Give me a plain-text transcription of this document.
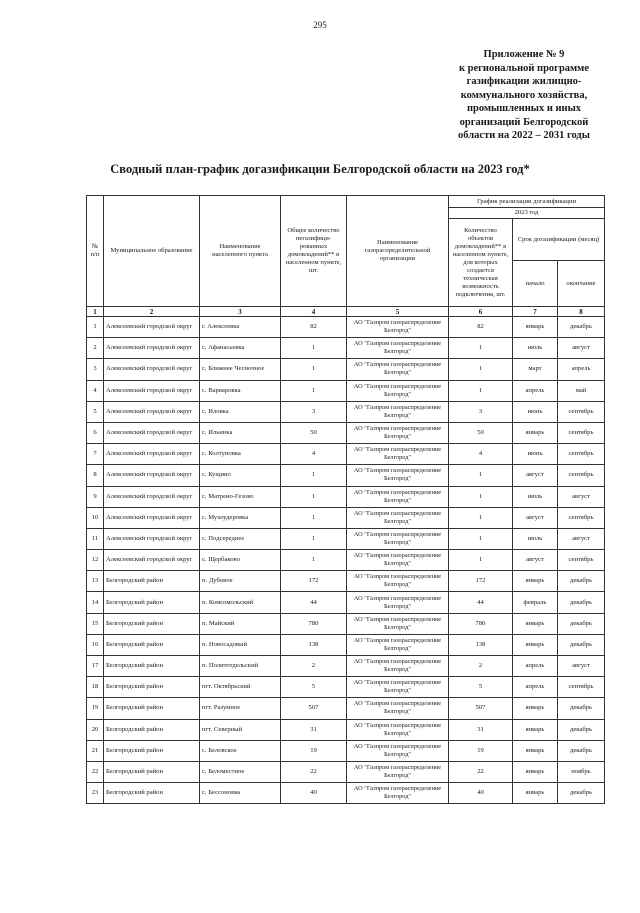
295
Приложение № 9
к региональной программе
газификации жилищно-
коммунального хозяйства,
промышленных и иных
организаций Белгородской
области на 2022 – 2031 годы
Сводный план-график догазификации Белгородской области на 2023 год*
№ п/п	Муниципальное образование	Наименование населенного пункта	Общее количество негазифици-рованных домовладений** в населенном пункте, шт.	Наименование газораспределительной организации	График реализации догазификации		
					2023 год		
					Количество объектов домовладений** в населенном пункте, для которых создается техническая возможность подключения, шт.	Срок догазификации (месяц)	
						начало	окончание
1	2	3	4	5	6	7	8
1	Алексеевский городской округ	г. Алексеевка	82	АО "Газпром газораспределение Белгород"	82	январь	декабрь
2	Алексеевский городской округ	с. Афанасьевка	1	АО "Газпром газораспределение Белгород"	1	июль	август
3	Алексеевский городской округ	с. Ближнее Чесночное	1	АО "Газпром газораспределение Белгород"	1	март	апрель
4	Алексеевский городской округ	с. Варваровка	1	АО "Газпром газораспределение Белгород"	1	апрель	май
5	Алексеевский городской округ	с. Иловка	3	АО "Газпром газораспределение Белгород"	3	июнь	сентябрь
6	Алексеевский городской округ	с. Ильинка	50	АО "Газпром газораспределение Белгород"	50	январь	сентябрь
7	Алексеевский городской округ	с. Колтуновка	4	АО "Газпром газораспределение Белгород"	4	июнь	сентябрь
8	Алексеевский городской округ	с. Кущино	1	АО "Газпром газораспределение Белгород"	1	август	сентябрь
9	Алексеевский городской округ	с. Матрено-Гезово	1	АО "Газпром газораспределение Белгород"	1	июль	август
10	Алексеевский городской округ	с. Мухоудеровка	1	АО "Газпром газораспределение Белгород"	1	август	сентябрь
11	Алексеевский городской округ	с. Подсереднее	1	АО "Газпром газораспределение Белгород"	1	июль	август
12	Алексеевский городской округ	с. Щербаково	1	АО "Газпром газораспределение Белгород"	1	август	сентябрь
13	Белгородский район	п. Дубовое	172	АО "Газпром газораспределение Белгород"	172	январь	декабрь
14	Белгородский район	п. Комсомольский	44	АО "Газпром газораспределение Белгород"	44	февраль	декабрь
15	Белгородский район	п. Майский	780	АО "Газпром газораспределение Белгород"	780	январь	декабрь
16	Белгородский район	п. Новосадовый	138	АО "Газпром газораспределение Белгород"	138	январь	декабрь
17	Белгородский район	п. Политотдельский	2	АО "Газпром газораспределение Белгород"	2	апрель	август
18	Белгородский район	пгт. Октябрьский	5	АО "Газпром газораспределение Белгород"	5	апрель	сентябрь
19	Белгородский район	пгт. Разумное	507	АО "Газпром газораспределение Белгород"	507	январь	декабрь
20	Белгородский район	пгт. Северный	31	АО "Газпром газораспределение Белгород"	31	январь	декабрь
21	Белгородский район	с. Беловское	19	АО "Газпром газораспределение Белгород"	19	январь	декабрь
22	Белгородский район	с. Беломестное	22	АО "Газпром газораспределение Белгород"	22	январь	ноябрь
23	Белгородский район	с. Бессоновка	40	АО "Газпром газораспределение Белгород"	40	январь	декабрь
